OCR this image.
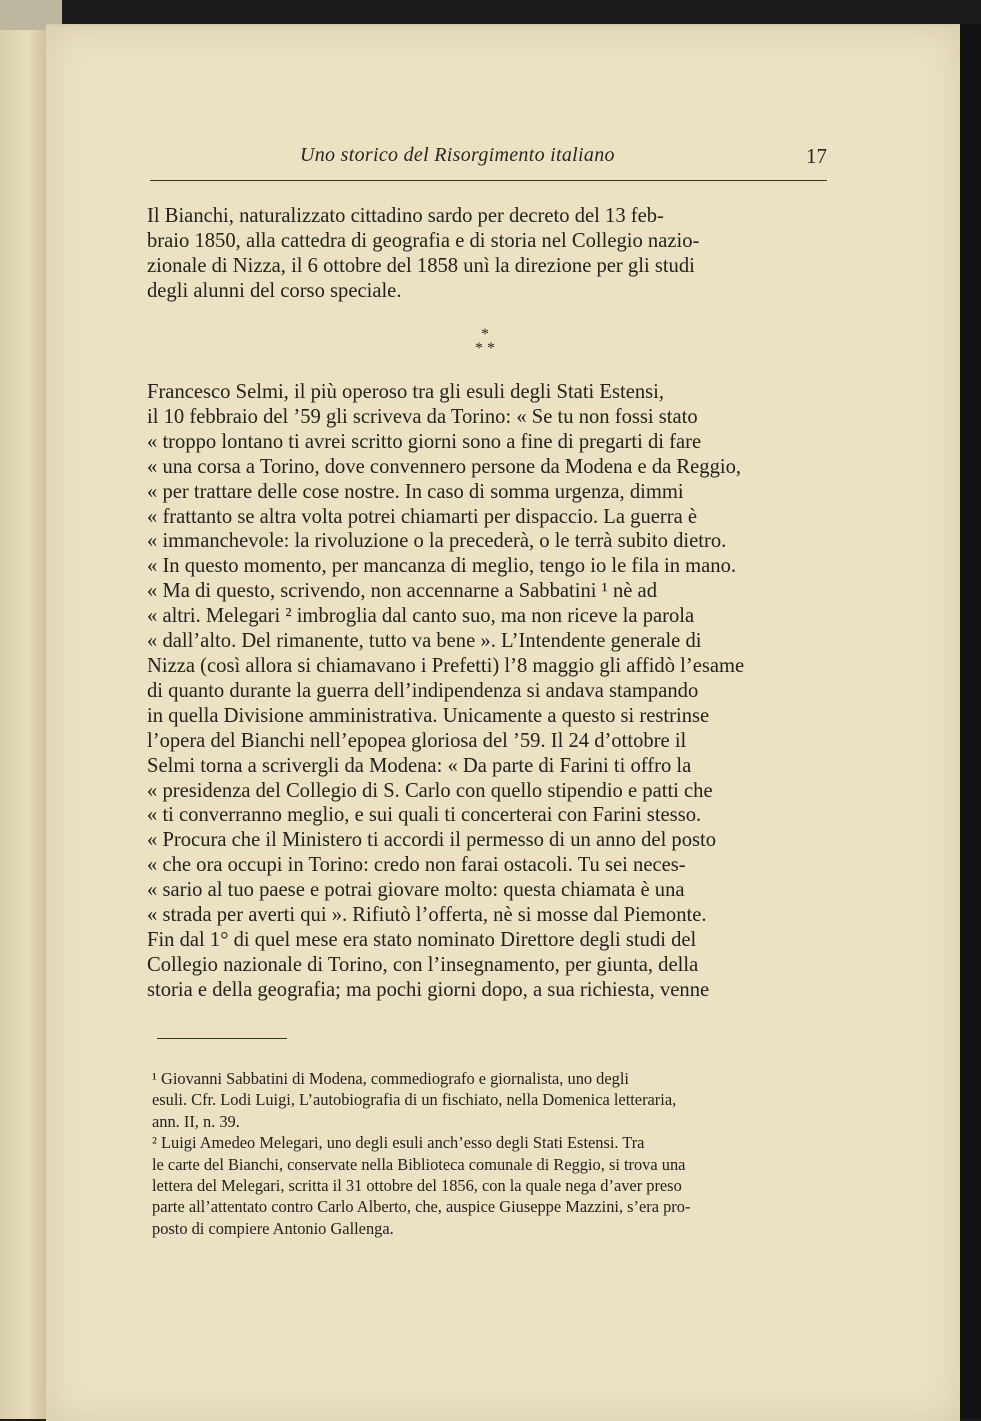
Uno storico del Risorgimento italiano	17

Il Bianchi, naturalizzato cittadino sardo per decreto del 13 feb-
braio 1850, alla cattedra di geografia e di storia nel Collegio nazio-
zionale di Nizza, il 6 ottobre del 1858 unì la direzione per gli studi
degli alunni del corso speciale.

*
* *

Francesco Selmi, il più operoso tra gli esuli degli Stati Estensi,
il 10 febbraio del ’59 gli scriveva da Torino: « Se tu non fossi stato
« troppo lontano ti avrei scritto giorni sono a fine di pregarti di fare
« una corsa a Torino, dove convennero persone da Modena e da Reggio,
« per trattare delle cose nostre. In caso di somma urgenza, dimmi
« frattanto se altra volta potrei chiamarti per dispaccio. La guerra è
« immanchevole: la rivoluzione o la precederà, o le terrà subito dietro.
« In questo momento, per mancanza di meglio, tengo io le fila in mano.
« Ma di questo, scrivendo, non accennarne a Sabbatini ¹ nè ad
« altri. Melegari ² imbroglia dal canto suo, ma non riceve la parola
« dall’alto. Del rimanente, tutto va bene ». L’Intendente generale di
Nizza (così allora si chiamavano i Prefetti) l’8 maggio gli affidò l’esame
di quanto durante la guerra dell’indipendenza si andava stampando
in quella Divisione amministrativa. Unicamente a questo si restrinse
l’opera del Bianchi nell’epopea gloriosa del ’59. Il 24 d’ottobre il
Selmi torna a scrivergli da Modena: « Da parte di Farini ti offro la
« presidenza del Collegio di S. Carlo con quello stipendio e patti che
« ti converranno meglio, e sui quali ti concerterai con Farini stesso.
« Procura che il Ministero ti accordi il permesso di un anno del posto
« che ora occupi in Torino: credo non farai ostacoli. Tu sei neces-
« sario al tuo paese e potrai giovare molto: questa chiamata è una
« strada per averti qui ». Rifiutò l’offerta, nè si mosse dal Piemonte.
Fin dal 1° di quel mese era stato nominato Direttore degli studi del
Collegio nazionale di Torino, con l’insegnamento, per giunta, della
storia e della geografia; ma pochi giorni dopo, a sua richiesta, venne

¹ Giovanni Sabbatini di Modena, commediografo e giornalista, uno degli
esuli. Cfr. Lodi Luigi, L’autobiografia di un fischiato, nella Domenica letteraria,
ann. II, n. 39.
² Luigi Amedeo Melegari, uno degli esuli anch’esso degli Stati Estensi. Tra
le carte del Bianchi, conservate nella Biblioteca comunale di Reggio, si trova una
lettera del Melegari, scritta il 31 ottobre del 1856, con la quale nega d’aver preso
parte all’attentato contro Carlo Alberto, che, auspice Giuseppe Mazzini, s’era pro-
posto di compiere Antonio Gallenga.
